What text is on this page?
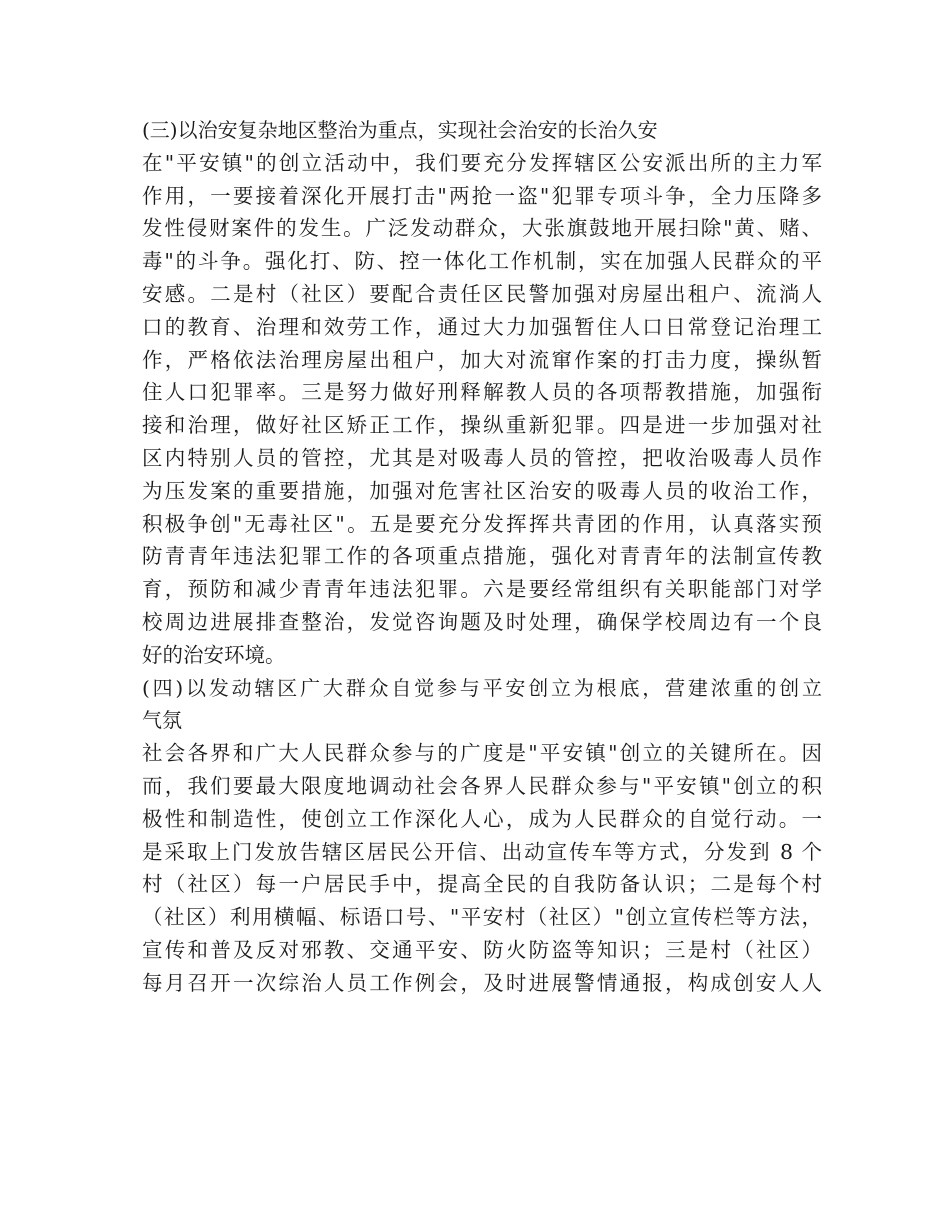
(三)以治安复杂地区整治为重点，实现社会治安的长治久安
在"平安镇"的创立活动中，我们要充分发挥辖区公安派出所的主力军
作用，一要接着深化开展打击"两抢一盗"犯罪专项斗争，全力压降多
发性侵财案件的发生。广泛发动群众，大张旗鼓地开展扫除"黄、赌、
毒"的斗争。强化打、防、控一体化工作机制，实在加强人民群众的平
安感。二是村（社区）要配合责任区民警加强对房屋出租户、流淌人
口的教育、治理和效劳工作，通过大力加强暂住人口日常登记治理工
作，严格依法治理房屋出租户，加大对流窜作案的打击力度，操纵暂
住人口犯罪率。三是努力做好刑释解教人员的各项帮教措施，加强衔
接和治理，做好社区矫正工作，操纵重新犯罪。四是进一步加强对社
区内特别人员的管控，尤其是对吸毒人员的管控，把收治吸毒人员作
为压发案的重要措施，加强对危害社区治安的吸毒人员的收治工作，
积极争创"无毒社区"。五是要充分发挥挥共青团的作用，认真落实预
防青青年违法犯罪工作的各项重点措施，强化对青青年的法制宣传教
育，预防和减少青青年违法犯罪。六是要经常组织有关职能部门对学
校周边进展排查整治，发觉咨询题及时处理，确保学校周边有一个良
好的治安环境。
(四)以发动辖区广大群众自觉参与平安创立为根底，营建浓重的创立
气氛
社会各界和广大人民群众参与的广度是"平安镇"创立的关键所在。因
而，我们要最大限度地调动社会各界人民群众参与"平安镇"创立的积
极性和制造性，使创立工作深化人心，成为人民群众的自觉行动。一
是采取上门发放告辖区居民公开信、出动宣传车等方式，分发到 8 个
村（社区）每一户居民手中，提高全民的自我防备认识；二是每个村
（社区）利用横幅、标语口号、"平安村（社区）"创立宣传栏等方法，
宣传和普及反对邪教、交通平安、防火防盗等知识；三是村（社区）
每月召开一次综治人员工作例会，及时进展警情通报，构成创安人人
